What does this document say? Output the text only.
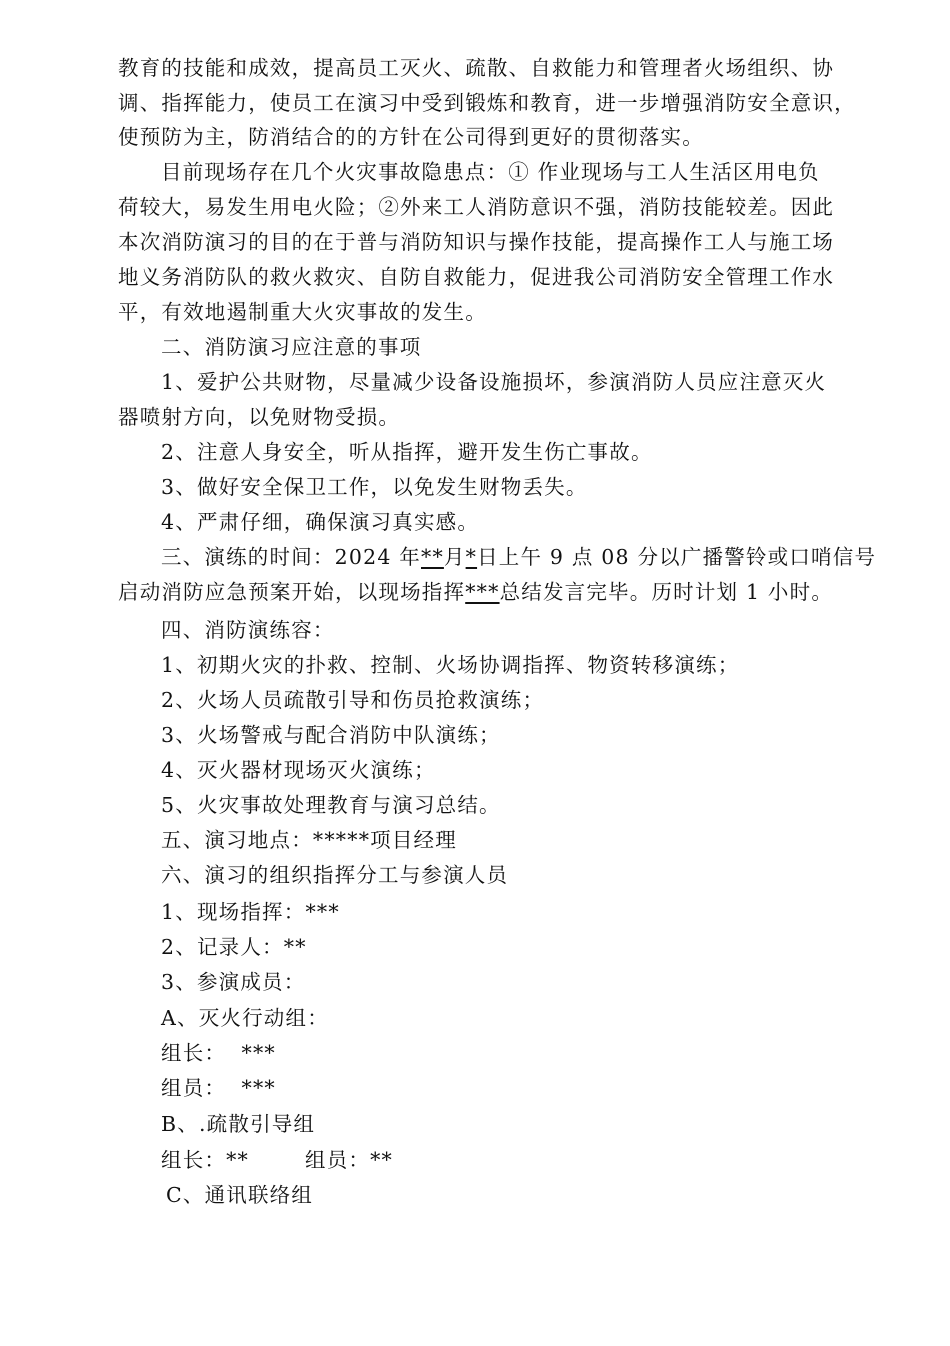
教育的技能和成效，提高员工灭火、疏散、自救能力和管理者火场组织、协
调、指挥能力，使员工在演习中受到锻炼和教育，进一步增强消防安全意识，
使预防为主，防消结合的的方针在公司得到更好的贯彻落实。
目前现场存在几个火灾事故隐患点：① 作业现场与工人生活区用电负
荷较大，易发生用电火险；②外来工人消防意识不强，消防技能较差。因此
本次消防演习的目的在于普与消防知识与操作技能，提高操作工人与施工场
地义务消防队的救火救灾、自防自救能力，促进我公司消防安全管理工作水
平，有效地遏制重大火灾事故的发生。
二、消防演习应注意的事项
1、爱护公共财物，尽量减少设备设施损坏，参演消防人员应注意灭火
器喷射方向，以免财物受损。
2、注意人身安全，听从指挥，避开发生伤亡事故。
3、做好安全保卫工作，以免发生财物丢失。
4、严肃仔细，确保演习真实感。
三、演练的时间：2024 年**月*日上午 9 点 08 分以广播警铃或口哨信号
启动消防应急预案开始，以现场指挥***总结发言完毕。历时计划 1 小时。
四、消防演练容：
1、初期火灾的扑救、控制、火场协调指挥、物资转移演练；
2、火场人员疏散引导和伤员抢救演练；
3、火场警戒与配合消防中队演练；
4、灭火器材现场灭火演练；
5、火灾事故处理教育与演习总结。
五、演习地点：*****项目经理
六、演习的组织指挥分工与参演人员
1、现场指挥：***
2、记录人：**
3、参演成员：
A、灭火行动组：
组长：  ***
组员：  ***
B、.疏散引导组
组长：**	组员：**
C、通讯联络组
